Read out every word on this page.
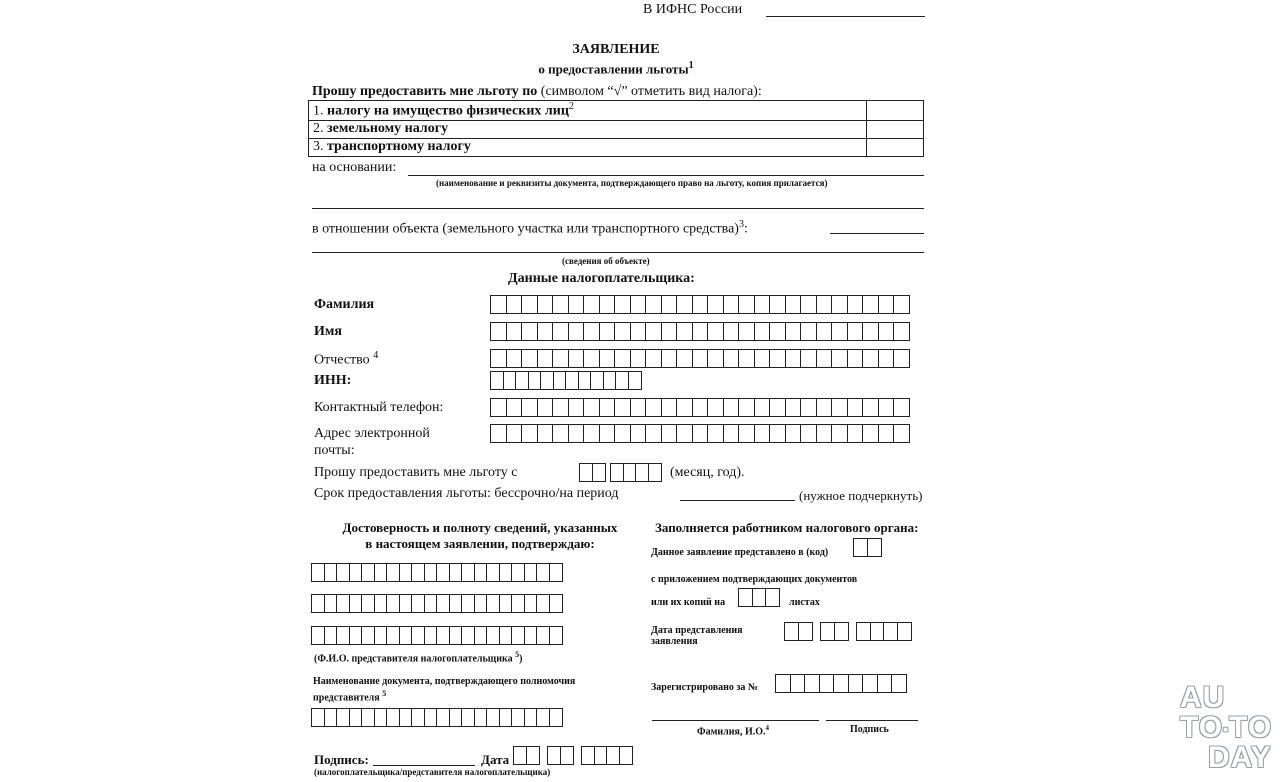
В ИФНС России
ЗАЯВЛЕНИЕ
о предоставлении льготы$^1$
Прошу предоставить мне льготу по (символом “√” отметить вид налога):
1. налогу на имущество физических лиц$^2$	
2. земельному налогу	
3. транспортному налогу	
на основании:
(наименование и реквизиты документа, подтверждающего право на льготу, копия прилагается)
в отношении объекта (земельного участка или транспортного средства)$^3$:
(сведения об объекте)
Данные налогоплательщика:
Фамилия
Имя
Отчество $^4$
ИНН:
Контактный телефон:
Адрес электронной
почты:
Прошу предоставить мне льготу с	(месяц, год).
Срок предоставления льготы: бессрочно/на период	(нужное подчеркнуть)
Достоверность и полноту сведений, указанных
в настоящем заявлении, подтверждаю:
(Ф.И.О. представителя налогоплательщика $^5$)
Наименование документа, подтверждающего полномочия
представителя $^5$
Подпись:	Дата
(налогоплательщика/представителя налогоплательщика)
Заполняется работником налогового органа:
Данное заявление представлено в (код)
с приложением подтверждающих документов
или их копий на	листах
Дата представления
заявления
Зарегистрировано за №
Фамилия, И.О.$^4$	Подпись
AU
TO•TO
DAY
